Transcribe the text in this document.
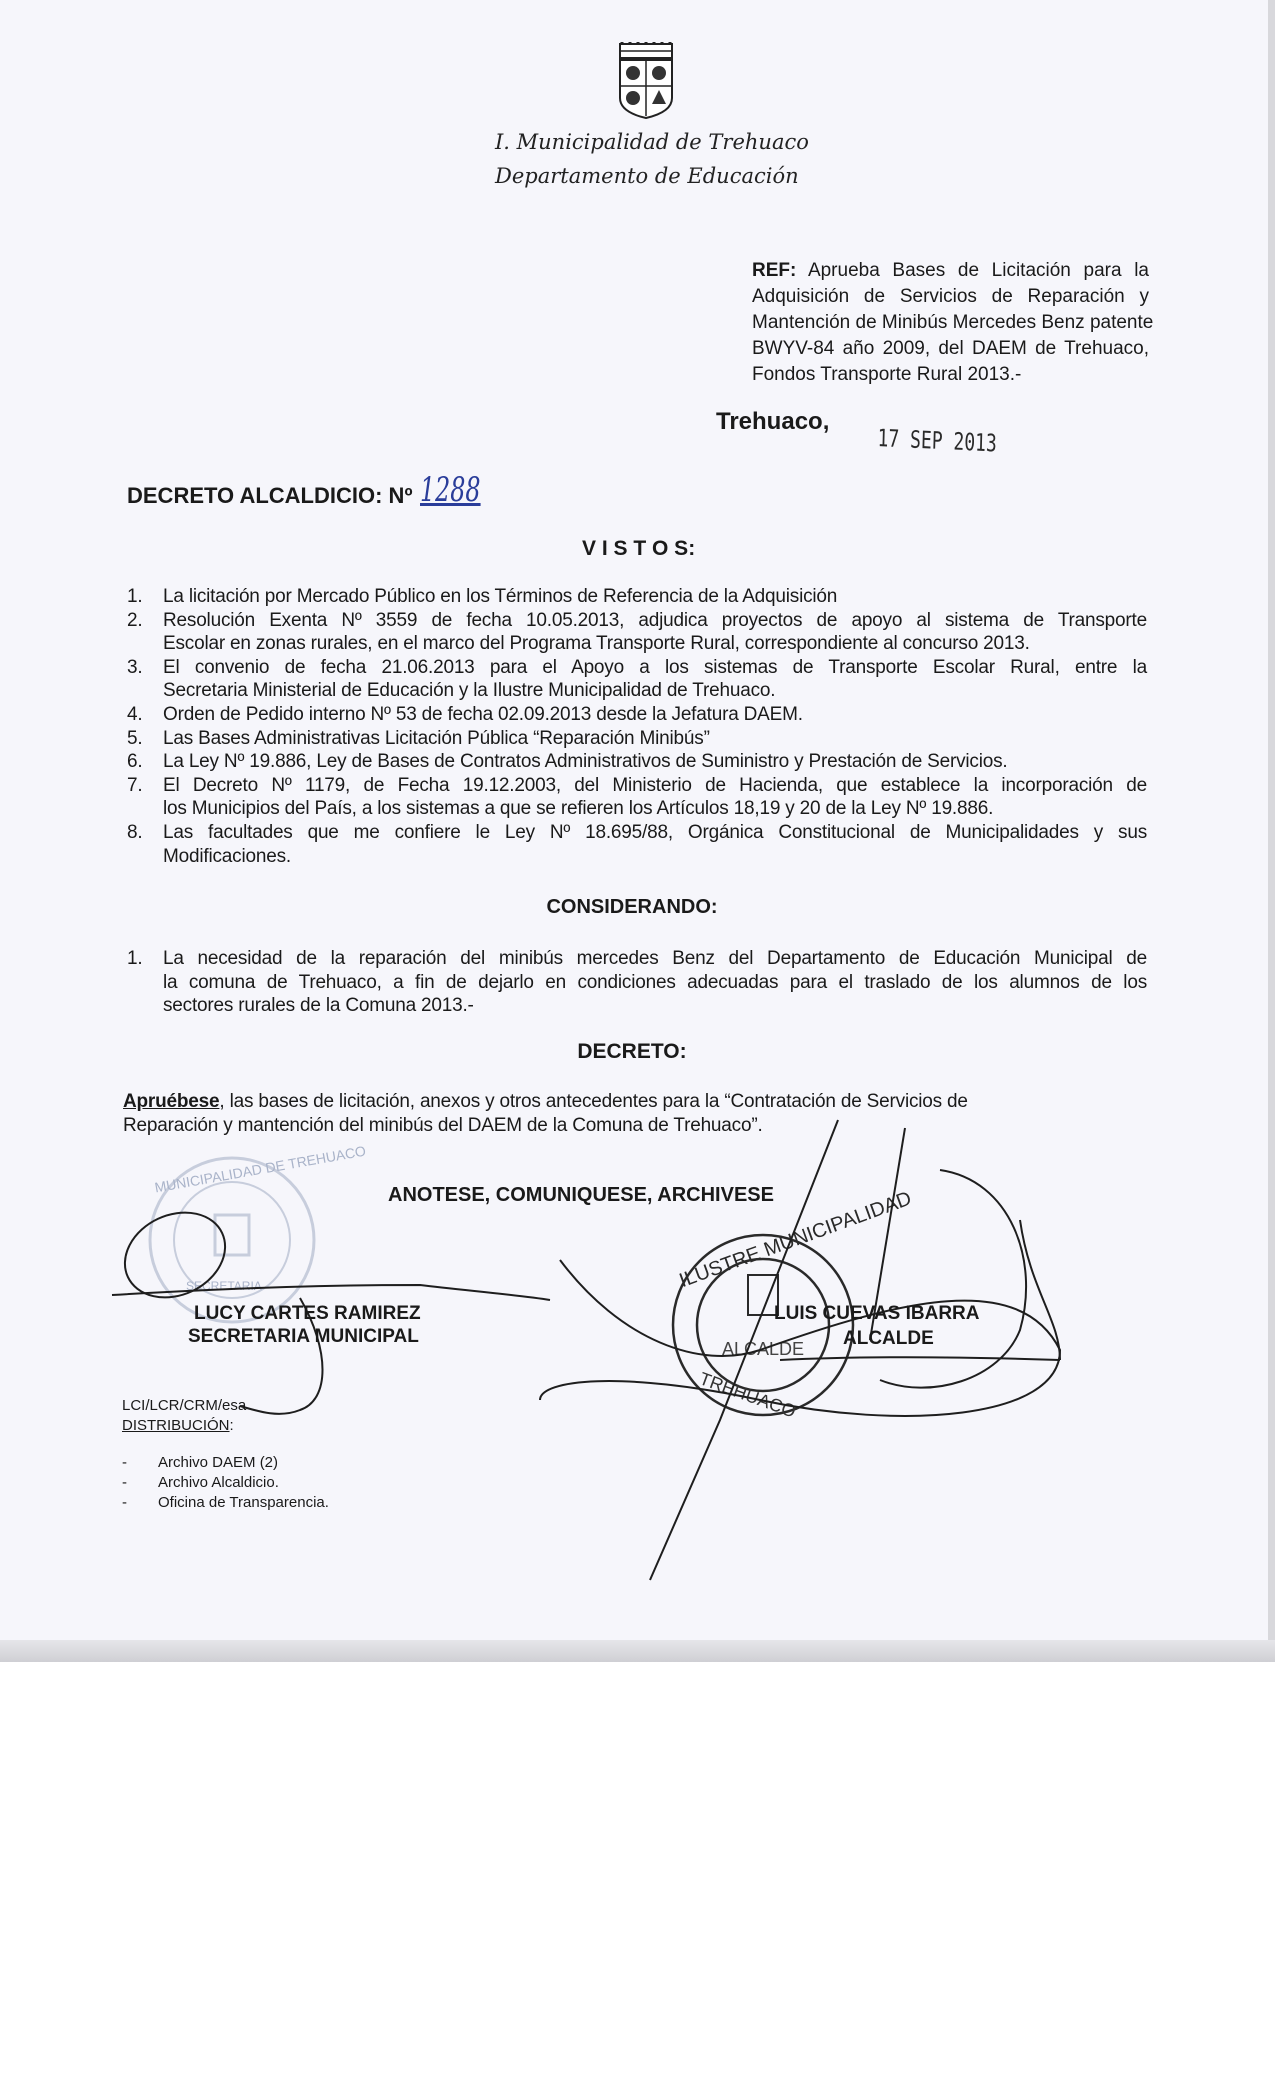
I. Municipalidad de Trehuaco
Departamento de Educación
REF: Aprueba Bases de Licitación para la
Adquisición de Servicios de Reparación y
Mantención de Minibús Mercedes Benz patente
BWYV-84 año 2009, del DAEM de Trehuaco,
Fondos Transporte Rural 2013.-
Trehuaco,
17 SEP 2013
DECRETO ALCALDICIO: Nº 1288
V I S T O S:
1. La licitación por Mercado Público en los Términos de Referencia de la Adquisición
2. Resolución Exenta Nº 3559 de fecha 10.05.2013, adjudica proyectos de apoyo al sistema de Transporte
Escolar en zonas rurales, en el marco del Programa Transporte Rural, correspondiente al concurso 2013.
3. El convenio de fecha 21.06.2013 para el Apoyo a los sistemas de Transporte Escolar Rural, entre la
Secretaria Ministerial de Educación y la Ilustre Municipalidad de Trehuaco.
4. Orden de Pedido interno Nº 53 de fecha 02.09.2013 desde la Jefatura DAEM.
5. Las Bases Administrativas Licitación Pública “Reparación Minibús”
6. La Ley Nº 19.886, Ley de Bases de Contratos Administrativos de Suministro y Prestación de Servicios.
7. El Decreto Nº 1179, de Fecha 19.12.2003, del Ministerio de Hacienda, que establece la incorporación de
los Municipios del País, a los sistemas a que se refieren los Artículos 18,19 y 20 de la Ley Nº 19.886.
8. Las facultades que me confiere le Ley Nº 18.695/88, Orgánica Constitucional de Municipalidades y sus
Modificaciones.
CONSIDERANDO:
1. La necesidad de la reparación del minibús mercedes Benz del Departamento de Educación Municipal de
la comuna de Trehuaco, a fin de dejarlo en condiciones adecuadas para el traslado de los alumnos de los
sectores rurales de la Comuna 2013.-
DECRETO:
Apruébese, las bases de licitación, anexos y otros antecedentes para la “Contratación de Servicios de
Reparación y mantención del minibús del DAEM de la Comuna de Trehuaco”.
ILUSTRE MUNICIPALIDAD
ALCALDE
TREHUACO
SECRETARIA
MUNICIPALIDAD DE TREHUACO ANOTESE, COMUNIQUESE, ARCHIVESE
LUCY CARTES RAMIREZ
SECRETARIA MUNICIPAL
LUIS CUEVAS IBARRA
ALCALDE
LCI/LCR/CRM/esa
DISTRIBUCIÓN:
- Archivo DAEM (2)
- Archivo Alcaldicio.
- Oficina de Transparencia.
